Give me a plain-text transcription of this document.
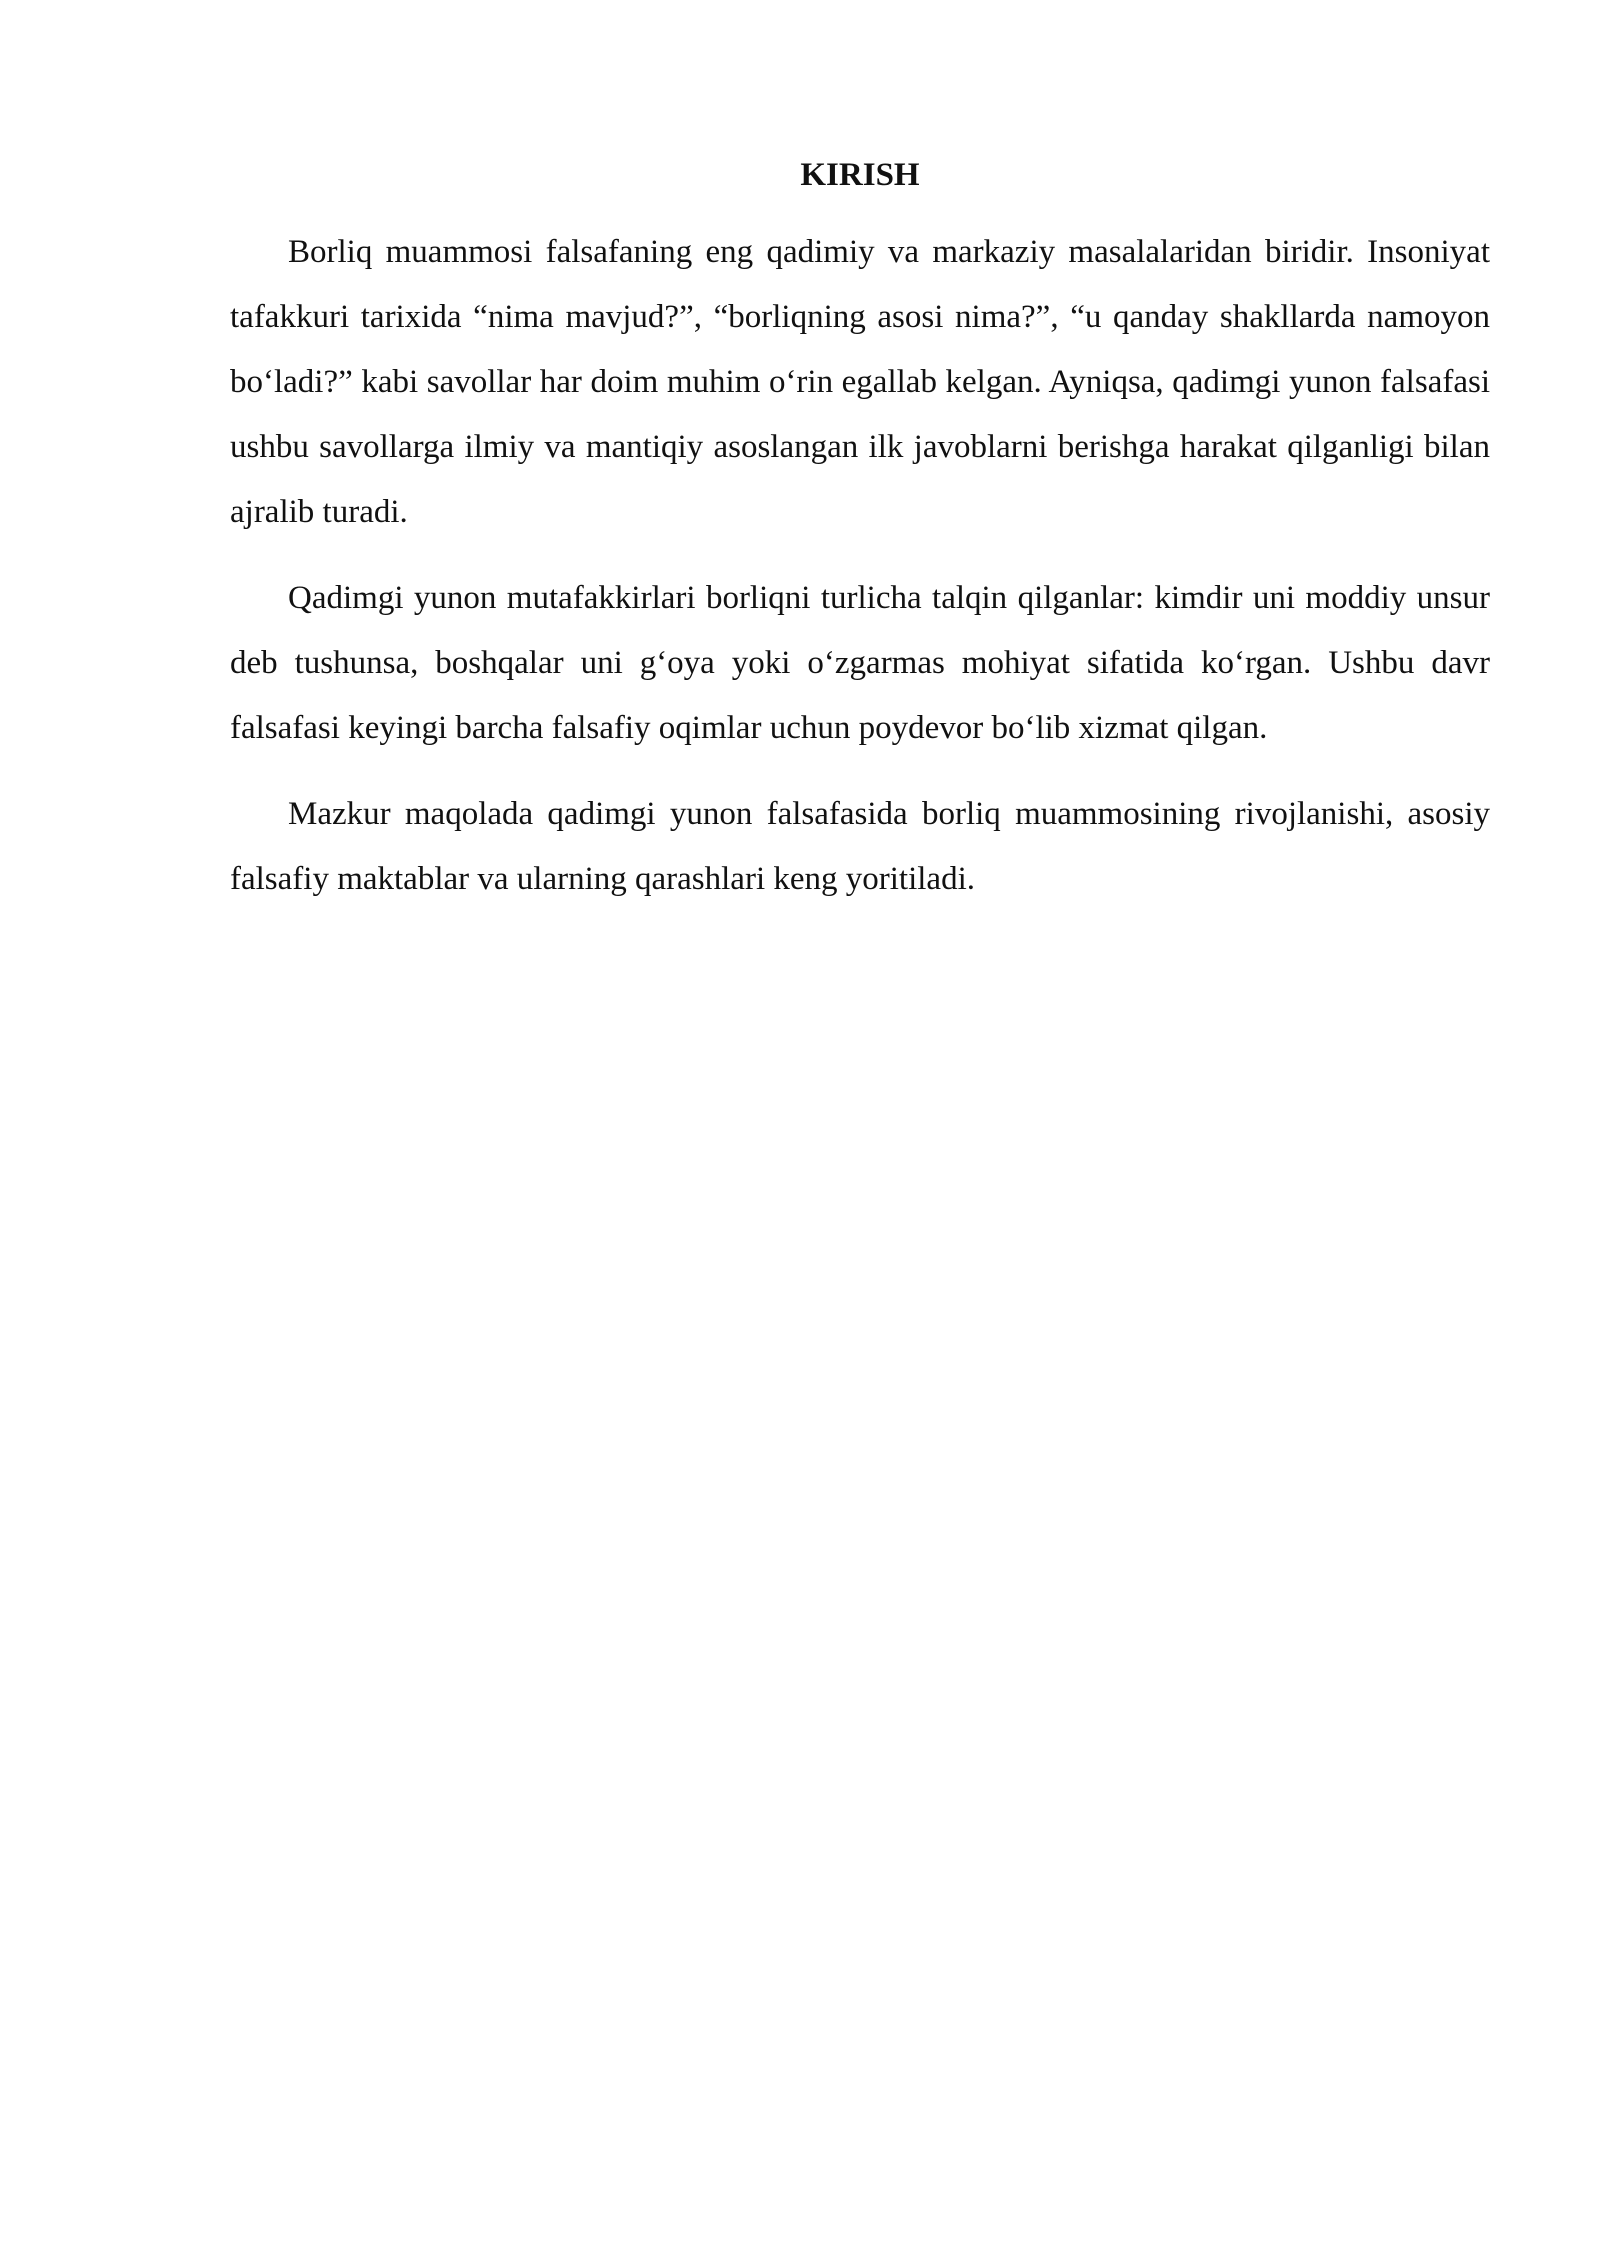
KIRISH

Borliq muammosi falsafaning eng qadimiy va markaziy masalalaridan biridir. Insoniyat tafakkuri tarixida “nima mavjud?”, “borliqning asosi nima?”, “u qanday shakllarda namoyon bo‘ladi?” kabi savollar har doim muhim o‘rin egallab kelgan. Ayniqsa, qadimgi yunon falsafasi ushbu savollarga ilmiy va mantiqiy asoslangan ilk javoblarni berishga harakat qilganligi bilan ajralib turadi.

Qadimgi yunon mutafakkirlari borliqni turlicha talqin qilganlar: kimdir uni moddiy unsur deb tushunsa, boshqalar uni g‘oya yoki o‘zgarmas mohiyat sifatida ko‘rgan. Ushbu davr falsafasi keyingi barcha falsafiy oqimlar uchun poydevor bo‘lib xizmat qilgan.

Mazkur maqolada qadimgi yunon falsafasida borliq muammosining rivojlanishi, asosiy falsafiy maktablar va ularning qarashlari keng yoritiladi.
